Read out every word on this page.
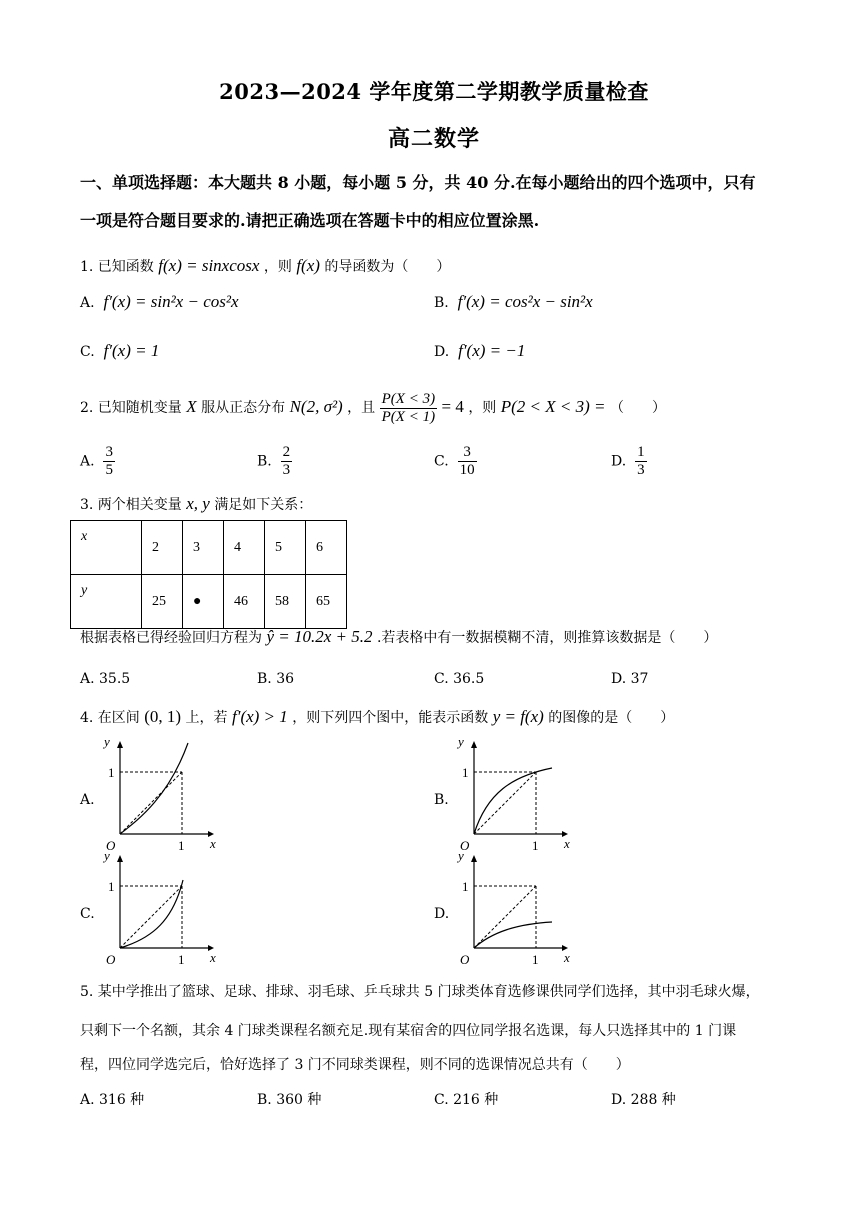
2023—2024 学年度第二学期教学质量检查
高二数学
一、单项选择题：本大题共 8 小题，每小题 5 分，共 40 分.在每小题给出的四个选项中，只有
一项是符合题目要求的.请把正确选项在答题卡中的相应位置涂黑.
1. 已知函数 f(x) = sinxcosx ，则 f(x) 的导函数为（　　）
A. f′(x) = sin²x − cos²x	B. f′(x) = cos²x − sin²x
C. f′(x) = 1	D. f′(x) = −1
2. 已知随机变量 X 服从正态分布 N(2, σ²) ，且 $\frac{P(X < 3)}{P(X < 1)} = 4$ ，则 P(2 < X < 3) = （　　）
A. $\frac{3}{5}$	B. $\frac{2}{3}$	C. $\frac{3}{10}$	D. $\frac{1}{3}$
3. 两个相关变量 x, y 满足如下关系：
x	2	3	4	5	6
y	25	●	46	58	65
根据表格已得经验回归方程为 ŷ = 10.2x + 5.2 .若表格中有一数据模糊不清，则推算该数据是（　　）
A. 35.5	B. 36	C. 36.5	D. 37
4. 在区间 (0, 1) 上，若 f′(x) > 1 ，则下列四个图中，能表示函数 y = f(x) 的图像的是（　　）
A.	B.
C.	D.
y
x
O
1
1
y
x
O
1
1
y
x
O
1
1
y
x
O
1
1
5. 某中学推出了篮球、足球、排球、羽毛球、乒乓球共 5 门球类体育选修课供同学们选择，其中羽毛球火爆，
只剩下一个名额，其余 4 门球类课程名额充足.现有某宿舍的四位同学报名选课，每人只选择其中的 1 门课
程，四位同学选完后，恰好选择了 3 门不同球类课程，则不同的选课情况总共有（　　）
A. 316 种	B. 360 种	C. 216 种	D. 288 种
